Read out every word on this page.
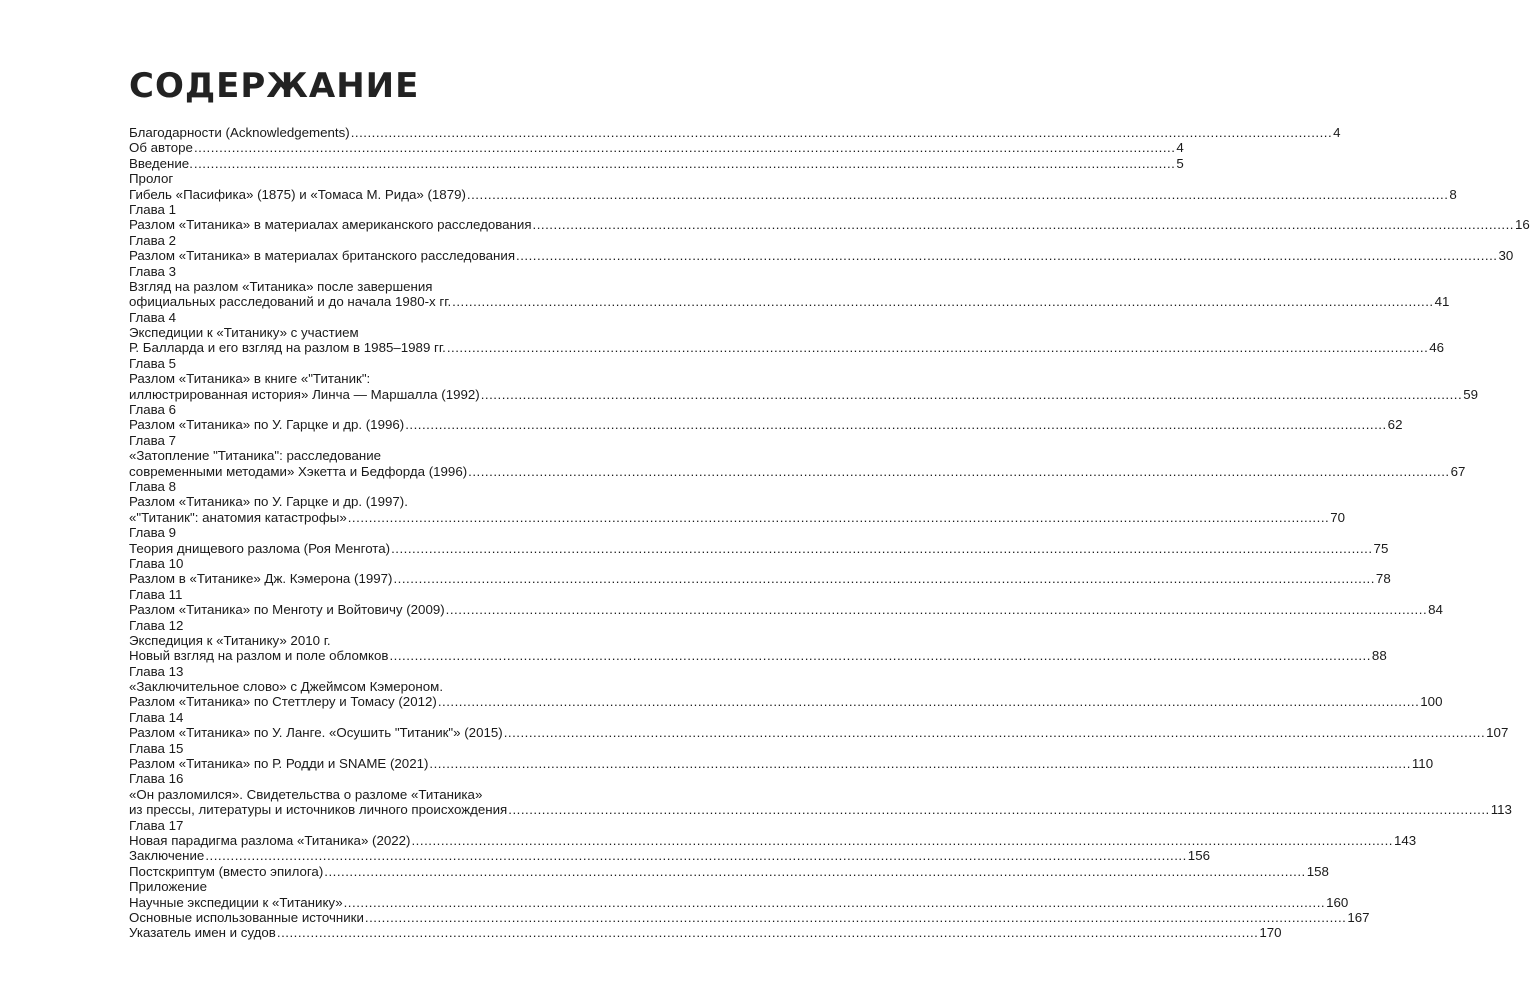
СОДЕРЖАНИЕ
Благодарности (Acknowledgements) .....	4
Об авторе .....	4
Введение. .....	5
Пролог
Гибель «Пасифика» (1875) и «Томаса М. Рида» (1879) .....	8
Глава 1
Разлом «Титаника» в материалах американского расследования .....	16
Глава 2
Разлом «Титаника» в материалах британского расследования .....	30
Глава 3
Взгляд на разлом «Титаника» после завершения
официальных расследований и до начала 1980-х гг. .....	41
Глава 4
Экспедиции к «Титанику» с участием
Р. Балларда и его взгляд на разлом в 1985–1989 гг. .....	46
Глава 5
Разлом «Титаника» в книге «"Титаник":
иллюстрированная история» Линча — Маршалла (1992) .....	59
Глава 6
Разлом «Титаника» по У. Гарцке и др. (1996) .....	62
Глава 7
«Затопление "Титаника": расследование
современными методами» Хэкетта и Бедфорда (1996) .....	67
Глава 8
Разлом «Титаника» по У. Гарцке и др. (1997).
«"Титаник": анатомия катастрофы» .....	70
Глава 9
Теория днищевого разлома (Роя Менгота) .....	75
Глава 10
Разлом в «Титанике» Дж. Кэмерона (1997) .....	78
Глава 11
Разлом «Титаника» по Менготу и Войтовичу (2009) .....	84
Глава 12
Экспедиция к «Титанику» 2010 г.
Новый взгляд на разлом и поле обломков .....	88
Глава 13
«Заключительное слово» с Джеймсом Кэмероном.
Разлом «Титаника» по Стеттлеру и Томасу (2012) .....	100
Глава 14
Разлом «Титаника» по У. Ланге. «Осушить "Титаник"» (2015) .....	107
Глава 15
Разлом «Титаника» по Р. Родди и SNAME (2021) .....	110
Глава 16
«Он разломился». Свидетельства о разломе «Титаника»
из прессы, литературы и источников личного происхождения .....	113
Глава 17
Новая парадигма разлома «Титаника» (2022) .....	143
Заключение .....	156
Постскриптум (вместо эпилога) .....	158
Приложение
Научные экспедиции к «Титанику» .....	160
Основные использованные источники .....	167
Указатель имен и судов .....	170
